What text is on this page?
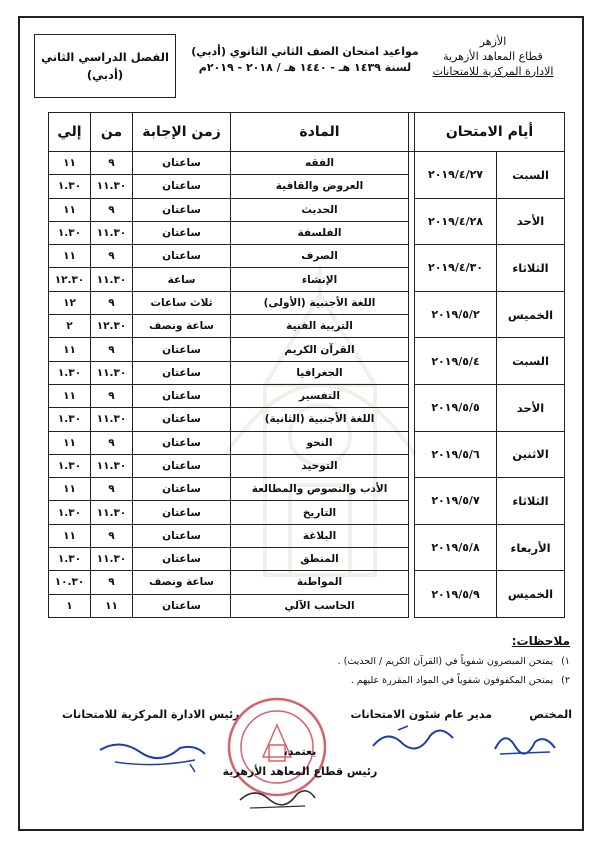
الأزهر
قطاع المعاهد الأزهرية
الادارة المركزية للامتحانات
مواعيد امتحان الصف الثاني الثانوي (أدبي)
لسنة ١٤٣٩ هـ - ١٤٤٠ هـ / ٢٠١٨ - ٢٠١٩م
الفصل الدراسي الثاني
(أدبي)
أيام الامتحان			المادة	زمن الإجابة	من	إلي
السبت	٢٠١٩/٤/٢٧		الفقه	ساعتان	٩	١١
			العروض والقافية	ساعتان	١١.٣٠	١.٣٠
الأحد	٢٠١٩/٤/٢٨		الحديث	ساعتان	٩	١١
			الفلسفة	ساعتان	١١.٣٠	١.٣٠
الثلاثاء	٢٠١٩/٤/٣٠		الصرف	ساعتان	٩	١١
			الإنشاء	ساعة	١١.٣٠	١٢.٣٠
الخميس	٢٠١٩/٥/٢		اللغة الأجنبية (الأولى)	ثلاث ساعات	٩	١٢
			التربية الفنية	ساعة ونصف	١٢.٣٠	٢
السبت	٢٠١٩/٥/٤		القرآن الكريم	ساعتان	٩	١١
			الجغرافيا	ساعتان	١١.٣٠	١.٣٠
الأحد	٢٠١٩/٥/٥		التفسير	ساعتان	٩	١١
			اللغة الأجنبية (الثانية)	ساعتان	١١.٣٠	١.٣٠
الاثنين	٢٠١٩/٥/٦		النحو	ساعتان	٩	١١
			التوحيد	ساعتان	١١.٣٠	١.٣٠
الثلاثاء	٢٠١٩/٥/٧		الأدب والنصوص والمطالعة	ساعتان	٩	١١
			التاريخ	ساعتان	١١.٣٠	١.٣٠
الأربعاء	٢٠١٩/٥/٨		البلاغة	ساعتان	٩	١١
			المنطق	ساعتان	١١.٣٠	١.٣٠
الخميس	٢٠١٩/٥/٩		المواطنة	ساعة ونصف	٩	١٠.٣٠
			الحاسب الآلي	ساعتان	١١	١
ملاحظات:
١)يمتحن المبصرون شفوياً في (القرآن الكريم / الحديث) .
٢)يمتحن المكفوفون شفوياً في المواد المقررة عليهم .
المختص
مدير عام شئون الامتحانات
رئيس الادارة المركزية للامتحانات
يعتمد،
رئيس قطاع المعاهد الأزهرية
